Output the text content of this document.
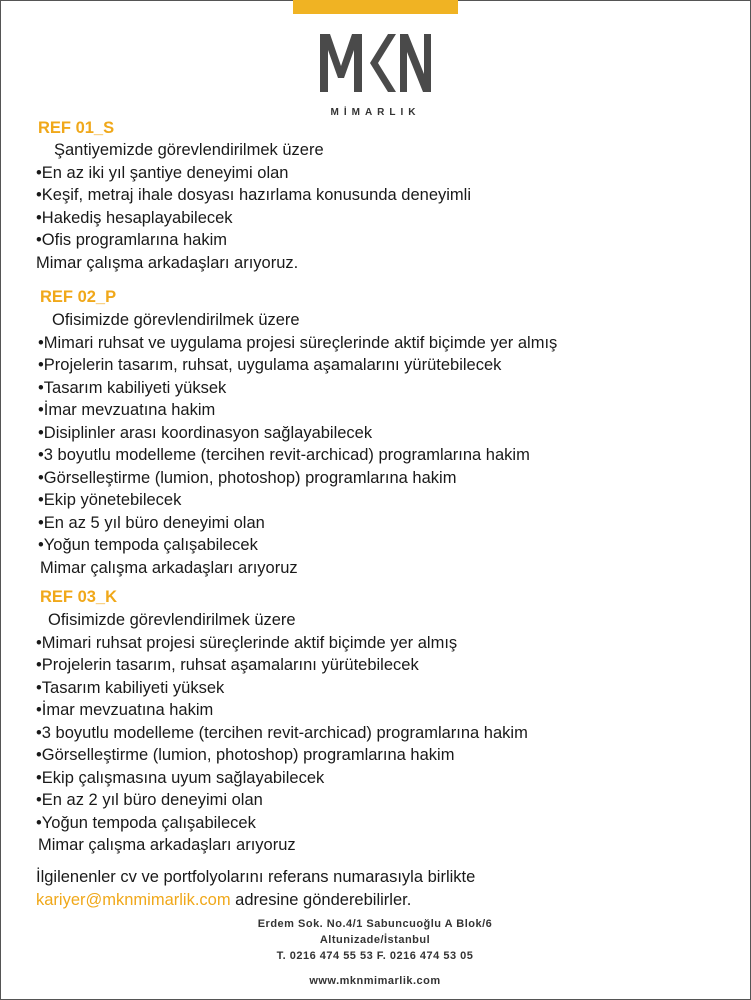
MİMARLIK
REF 01_S
Şantiyemizde görevlendirilmek üzere
•En az iki yıl şantiye deneyimi olan
•Keşif, metraj ihale dosyası hazırlama konusunda deneyimli
•Hakediş hesaplayabilecek
•Ofis programlarına hakim
Mimar çalışma arkadaşları arıyoruz.
REF 02_P
Ofisimizde görevlendirilmek üzere
•Mimari ruhsat ve uygulama projesi süreçlerinde aktif biçimde yer almış
•Projelerin tasarım, ruhsat, uygulama aşamalarını yürütebilecek
•Tasarım kabiliyeti yüksek
•İmar mevzuatına hakim
•Disiplinler arası koordinasyon sağlayabilecek
•3 boyutlu modelleme (tercihen revit-archicad) programlarına hakim
•Görselleştirme (lumion, photoshop) programlarına hakim
•Ekip yönetebilecek
•En az 5 yıl büro deneyimi olan
•Yoğun tempoda çalışabilecek
Mimar çalışma arkadaşları arıyoruz
REF 03_K
Ofisimizde görevlendirilmek üzere
•Mimari ruhsat projesi süreçlerinde aktif biçimde yer almış
•Projelerin tasarım, ruhsat aşamalarını yürütebilecek
•Tasarım kabiliyeti yüksek
•İmar mevzuatına hakim
•3 boyutlu modelleme (tercihen revit-archicad) programlarına hakim
•Görselleştirme (lumion, photoshop) programlarına hakim
•Ekip çalışmasına uyum sağlayabilecek
•En az 2 yıl büro deneyimi olan
•Yoğun tempoda çalışabilecek
Mimar çalışma arkadaşları arıyoruz
İlgilenenler cv ve portfolyolarını referans numarasıyla birlikte
kariyer@mknmimarlik.com adresine gönderebilirler.
Erdem Sok. No.4/1 Sabuncuoğlu A Blok/6
Altunizade/İstanbul
T. 0216 474 55 53 F. 0216 474 53 05
www.mknmimarlik.com
